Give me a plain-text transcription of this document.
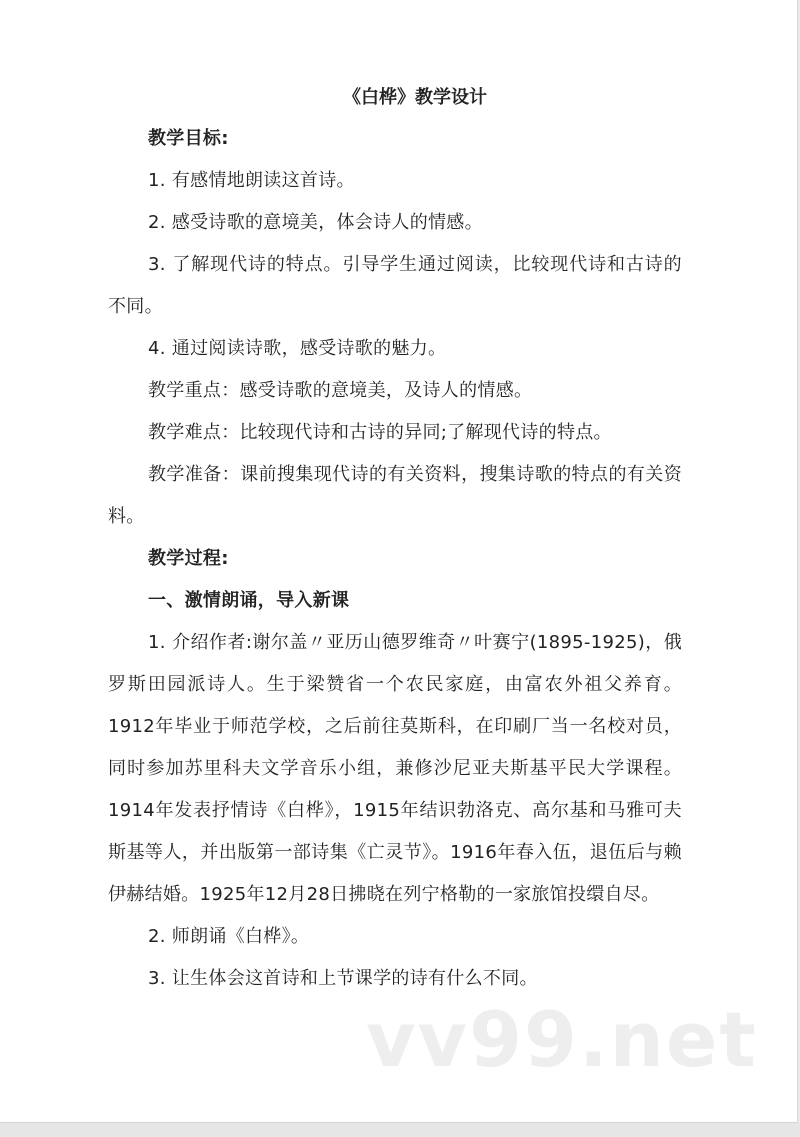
《白桦》教学设计

教学目标:

1. 有感情地朗读这首诗。

2. 感受诗歌的意境美，体会诗人的情感。

3. 了解现代诗的特点。引导学生通过阅读，比较现代诗和古诗的不同。

4. 通过阅读诗歌，感受诗歌的魅力。

教学重点：感受诗歌的意境美，及诗人的情感。

教学难点：比较现代诗和古诗的异同;了解现代诗的特点。

教学准备：课前搜集现代诗的有关资料，搜集诗歌的特点的有关资料。

教学过程:

一、激情朗诵，导入新课

1. 介绍作者:谢尔盖〃亚历山德罗维奇〃叶赛宁(1895-1925)，俄罗斯田园派诗人。生于梁赞省一个农民家庭，由富农外祖父养育。1912年毕业于师范学校，之后前往莫斯科，在印刷厂当一名校对员，同时参加苏里科夫文学音乐小组，兼修沙尼亚夫斯基平民大学课程。1914年发表抒情诗《白桦》，1915年结识勃洛克、高尔基和马雅可夫斯基等人，并出版第一部诗集《亡灵节》。1916年春入伍，退伍后与赖伊赫结婚。1925年12月28日拂晓在列宁格勒的一家旅馆投缳自尽。

2. 师朗诵《白桦》。

3. 让生体会这首诗和上节课学的诗有什么不同。

vv99.net
